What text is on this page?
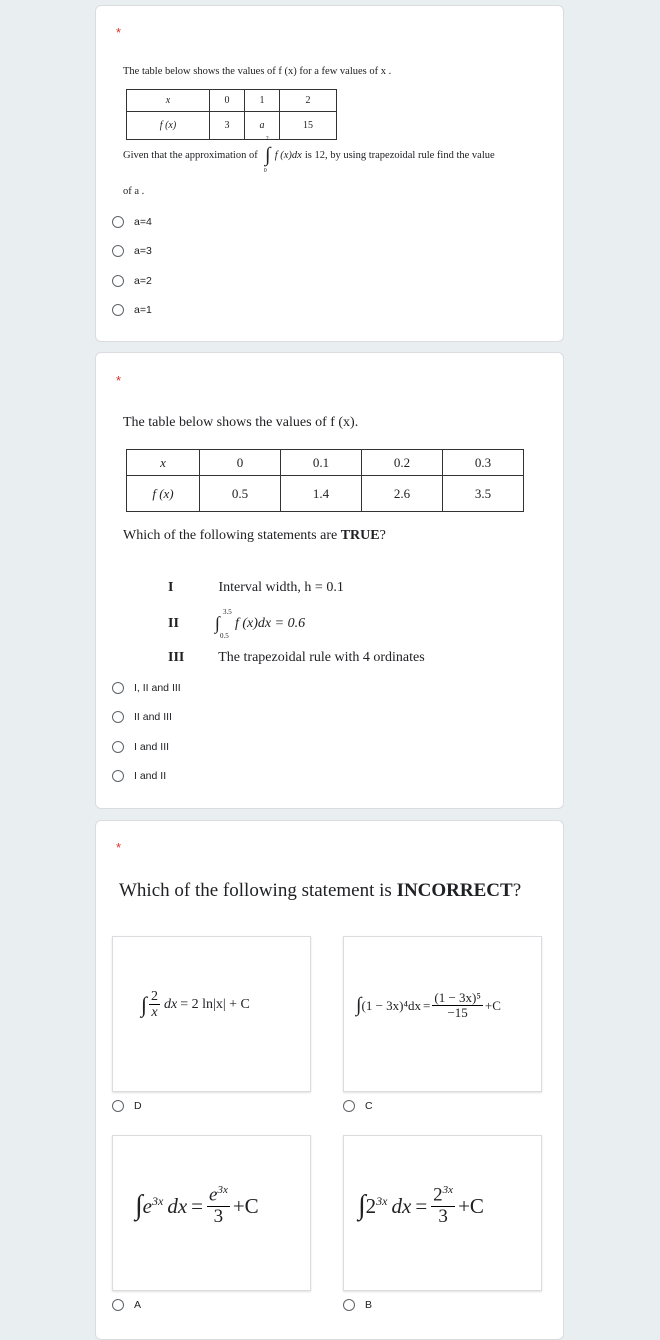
*
The table below shows the values of f (x) for a few values of x .
x	0	1	2
f (x)	3	a	15
Given that the approximation of ∫
2
0
f (x)dx is 12, by using trapezoidal rule find the value
of a .
a=4
a=3
a=2
a=1
*
The table below shows the values of f (x).
x	0	0.1	0.2	0.3
f (x)	0.5	1.4	2.6	3.5
Which of the following statements are TRUE?
I	Interval width, h = 0.1
II	∫
3.5
0.5
f (x)dx = 0.6
III The trapezoidal rule with 4 ordinates
I, II and III
II and III
I and III
I and II
*
Which of the following statement is INCORRECT?
∫ $\frac{2}{x}$ dx = 2 ln|x| + C
D
∫ $(1 - 3x)^4dx = \frac{\text{(1 − 3x)⁵}}{-15} +C$
C
∫ $e^{3x}$ dx = $\frac{e^{3x}}{3} +C$
A
∫ $2^{3x}$ dx = $\frac{2^{3x}}{3} +C$
B
